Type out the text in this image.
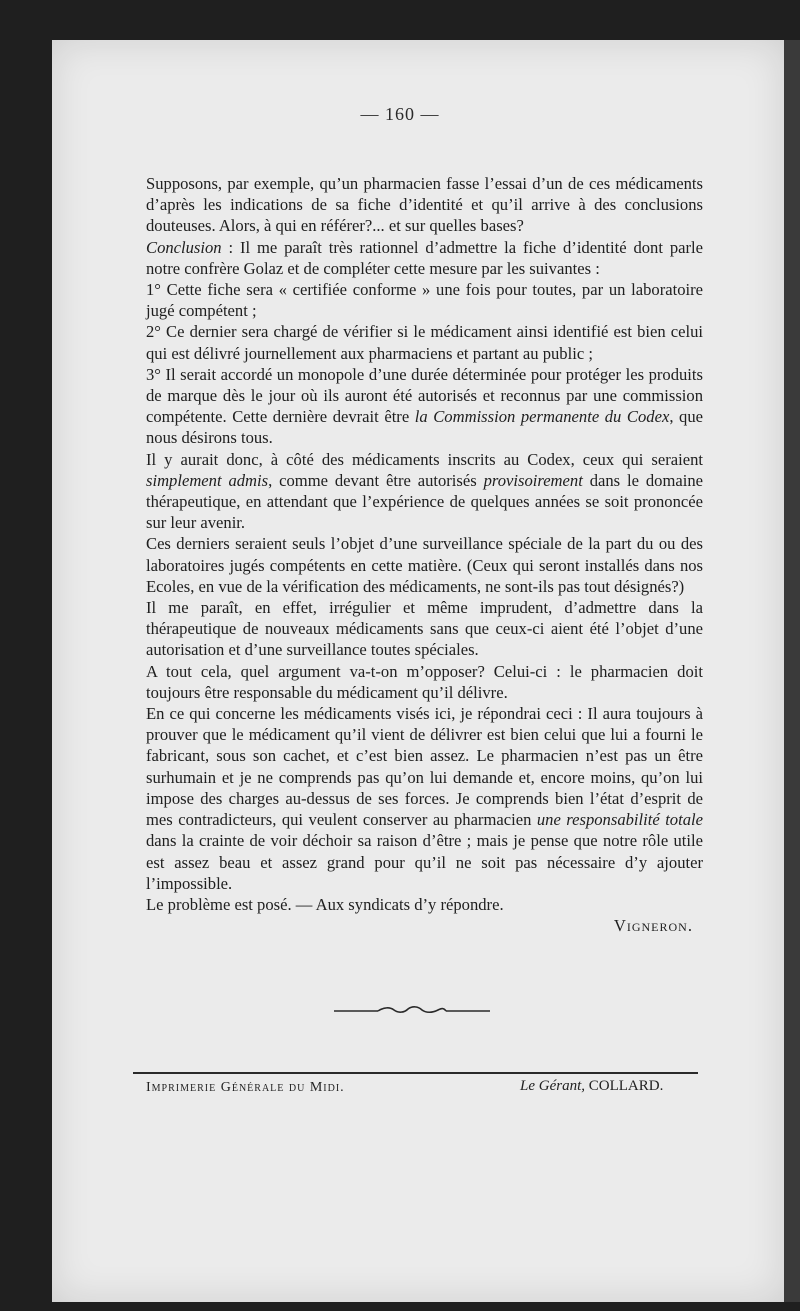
— 160 —

Supposons, par exemple, qu’un pharmacien fasse l’essai d’un de ces médicaments d’après les indications de sa fiche d’identité et qu’il arrive à des conclusions douteuses. Alors, à qui en référer?... et sur quelles bases?

Conclusion : Il me paraît très rationnel d’admettre la fiche d’identité dont parle notre confrère Golaz et de compléter cette mesure par les suivantes :

1° Cette fiche sera « certifiée conforme » une fois pour toutes, par un laboratoire jugé compétent ;

2° Ce dernier sera chargé de vérifier si le médicament ainsi identifié est bien celui qui est délivré journellement aux pharmaciens et partant au public ;

3° Il serait accordé un monopole d’une durée déterminée pour protéger les produits de marque dès le jour où ils auront été autorisés et reconnus par une commission compétente. Cette dernière devrait être la Commission permanente du Codex, que nous désirons tous.

Il y aurait donc, à côté des médicaments inscrits au Codex, ceux qui seraient simplement admis, comme devant être autorisés provisoirement dans le domaine thérapeutique, en attendant que l’expérience de quelques années se soit prononcée sur leur avenir.

Ces derniers seraient seuls l’objet d’une surveillance spéciale de la part du ou des laboratoires jugés compétents en cette matière. (Ceux qui seront installés dans nos Ecoles, en vue de la vérification des médicaments, ne sont-ils pas tout désignés?)

Il me paraît, en effet, irrégulier et même imprudent, d’admettre dans la thérapeutique de nouveaux médicaments sans que ceux-ci aient été l’objet d’une autorisation et d’une surveillance toutes spéciales.

A tout cela, quel argument va-t-on m’opposer? Celui-ci : le pharmacien doit toujours être responsable du médicament qu’il délivre.

En ce qui concerne les médicaments visés ici, je répondrai ceci : Il aura toujours à prouver que le médicament qu’il vient de délivrer est bien celui que lui a fourni le fabricant, sous son cachet, et c’est bien assez. Le pharmacien n’est pas un être surhumain et je ne comprends pas qu’on lui demande et, encore moins, qu’on lui impose des charges au-dessus de ses forces. Je comprends bien l’état d’esprit de mes contradicteurs, qui veulent conserver au pharmacien une responsabilité totale dans la crainte de voir déchoir sa raison d’être ; mais je pense que notre rôle utile est assez beau et assez grand pour qu’il ne soit pas nécessaire d’y ajouter l’impossible.

Le problème est posé. — Aux syndicats d’y répondre.

Vigneron.

Imprimerie Générale du Midi.	Le Gérant, COLLARD.
